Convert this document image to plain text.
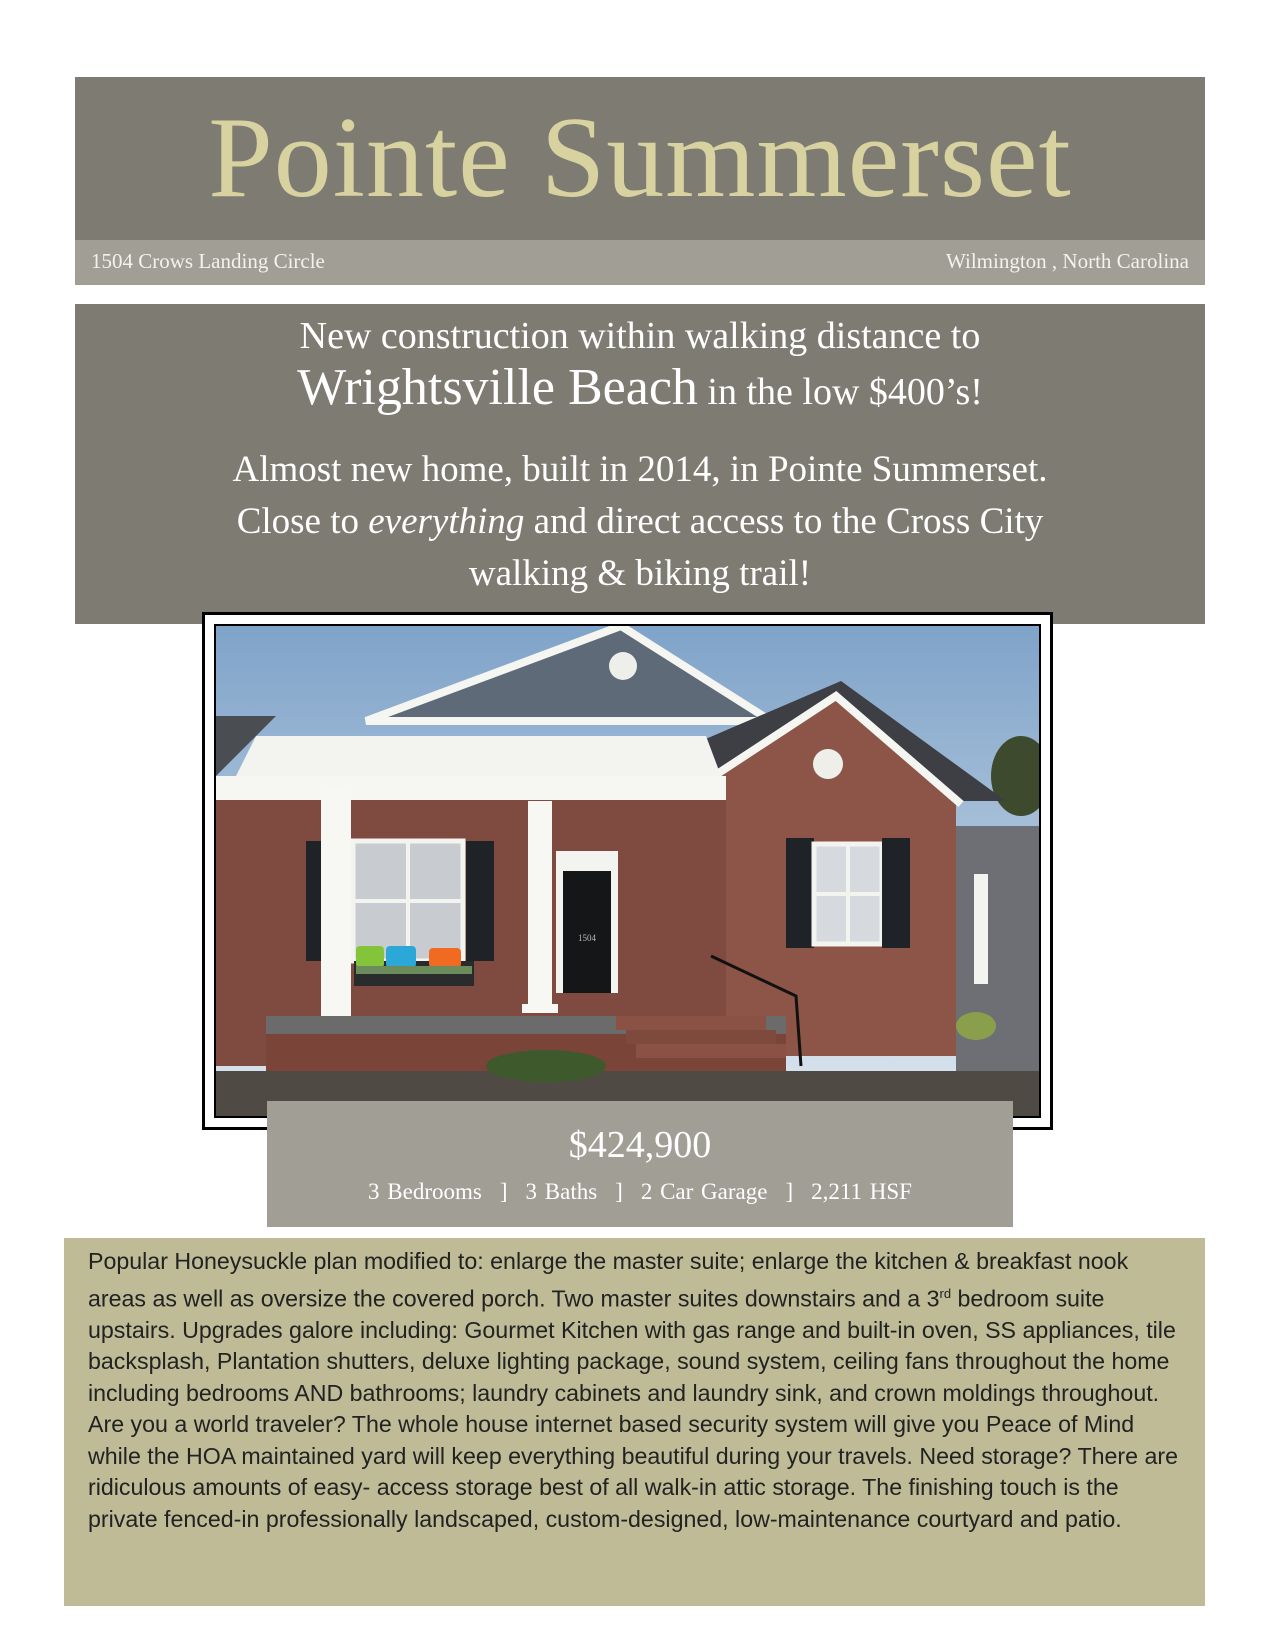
Pointe Summerset
1504 Crows Landing Circle	Wilmington , North Carolina
New construction within walking distance to
Wrightsville Beach in the low $400’s!
Almost new home, built in 2014, in Pointe Summerset.
Close to everything and direct access to the Cross City
walking & biking trail!
1504
$424,900
3 Bedrooms ] 3 Baths ] 2 Car Garage ] 2,211 HSF
Popular Honeysuckle plan modified to: enlarge the master suite; enlarge the kitchen & breakfast nook areas as well as oversize the covered porch. Two master suites downstairs and a 3rd bedroom suite upstairs. Upgrades galore including: Gourmet Kitchen with gas range and built-in oven, SS appliances, tile backsplash, Plantation shutters, deluxe lighting package, sound system, ceiling fans throughout the home including bedrooms AND bathrooms; laundry cabinets and laundry sink, and crown moldings throughout. Are you a world traveler? The whole house internet based security system will give you Peace of Mind while the HOA maintained yard will keep everything beautiful during your travels. Need storage? There are ridiculous amounts of easy- access storage best of all walk-in attic storage. The finishing touch is the private fenced-in professionally landscaped, custom-designed, low-maintenance courtyard and patio.
